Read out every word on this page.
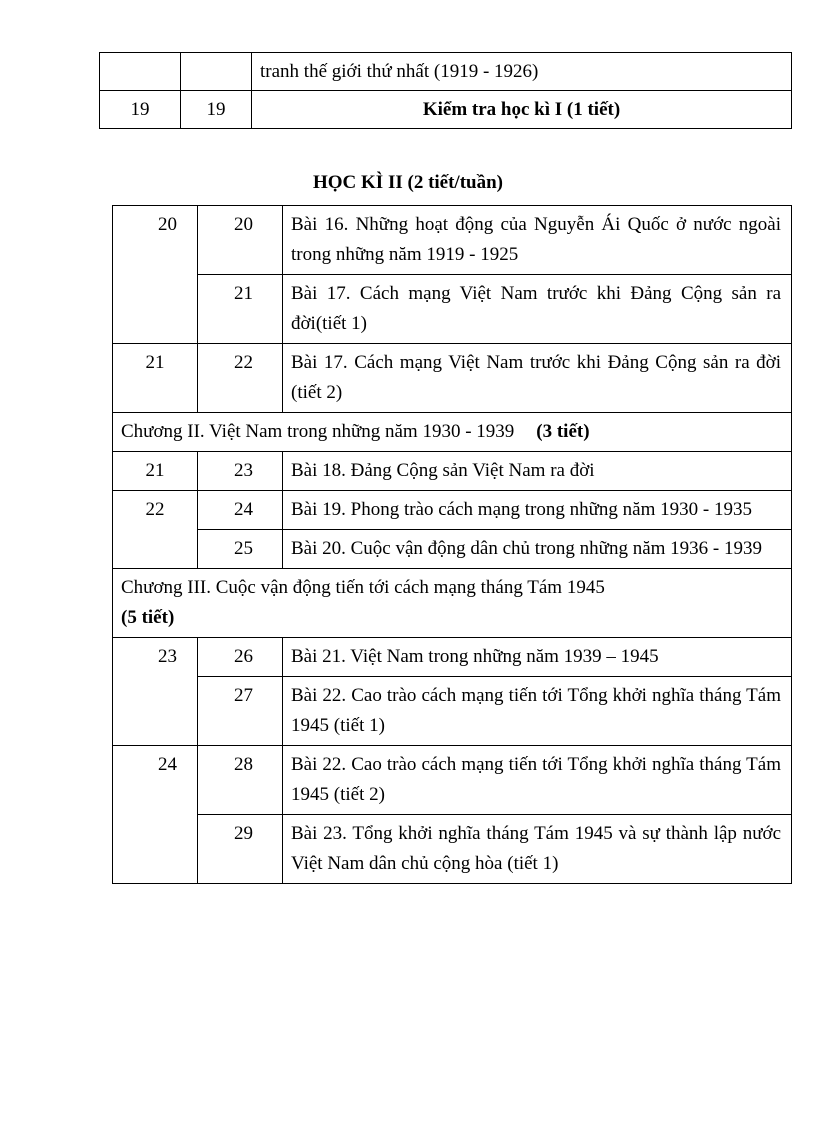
		tranh thế giới thứ nhất (1919 - 1926)
19	19	Kiểm tra học kì I (1 tiết)
HỌC KÌ II (2 tiết/tuần)
20	20	Bài 16. Những hoạt động của Nguyễn Ái Quốc ở nước ngoài trong những năm 1919 - 1925
	21	Bài 17. Cách mạng Việt Nam trước khi Đảng Cộng sản ra đời(tiết 1)
21	22	Bài 17. Cách mạng Việt Nam trước khi Đảng Cộng sản ra đời (tiết 2)
Chương II. Việt Nam trong những năm 1930 - 1939 (3 tiết)		
21	23	Bài 18. Đảng Cộng sản Việt Nam ra đời
22	24	Bài 19. Phong trào cách mạng trong những năm 1930 - 1935
	25	Bài 20. Cuộc vận động dân chủ trong những năm 1936 - 1939
Chương III. Cuộc vận động tiến tới cách mạng tháng Tám 1945
(5 tiết)		

23	26	Bài 21. Việt Nam trong những năm 1939 – 1945
	27	Bài 22. Cao trào cách mạng tiến tới Tổng khởi nghĩa tháng Tám 1945 (tiết 1)
24	28	Bài 22. Cao trào cách mạng tiến tới Tổng khởi nghĩa tháng Tám 1945 (tiết 2)
	29	Bài 23. Tổng khởi nghĩa tháng Tám 1945 và sự thành lập nước Việt Nam dân chủ cộng hòa (tiết 1)
